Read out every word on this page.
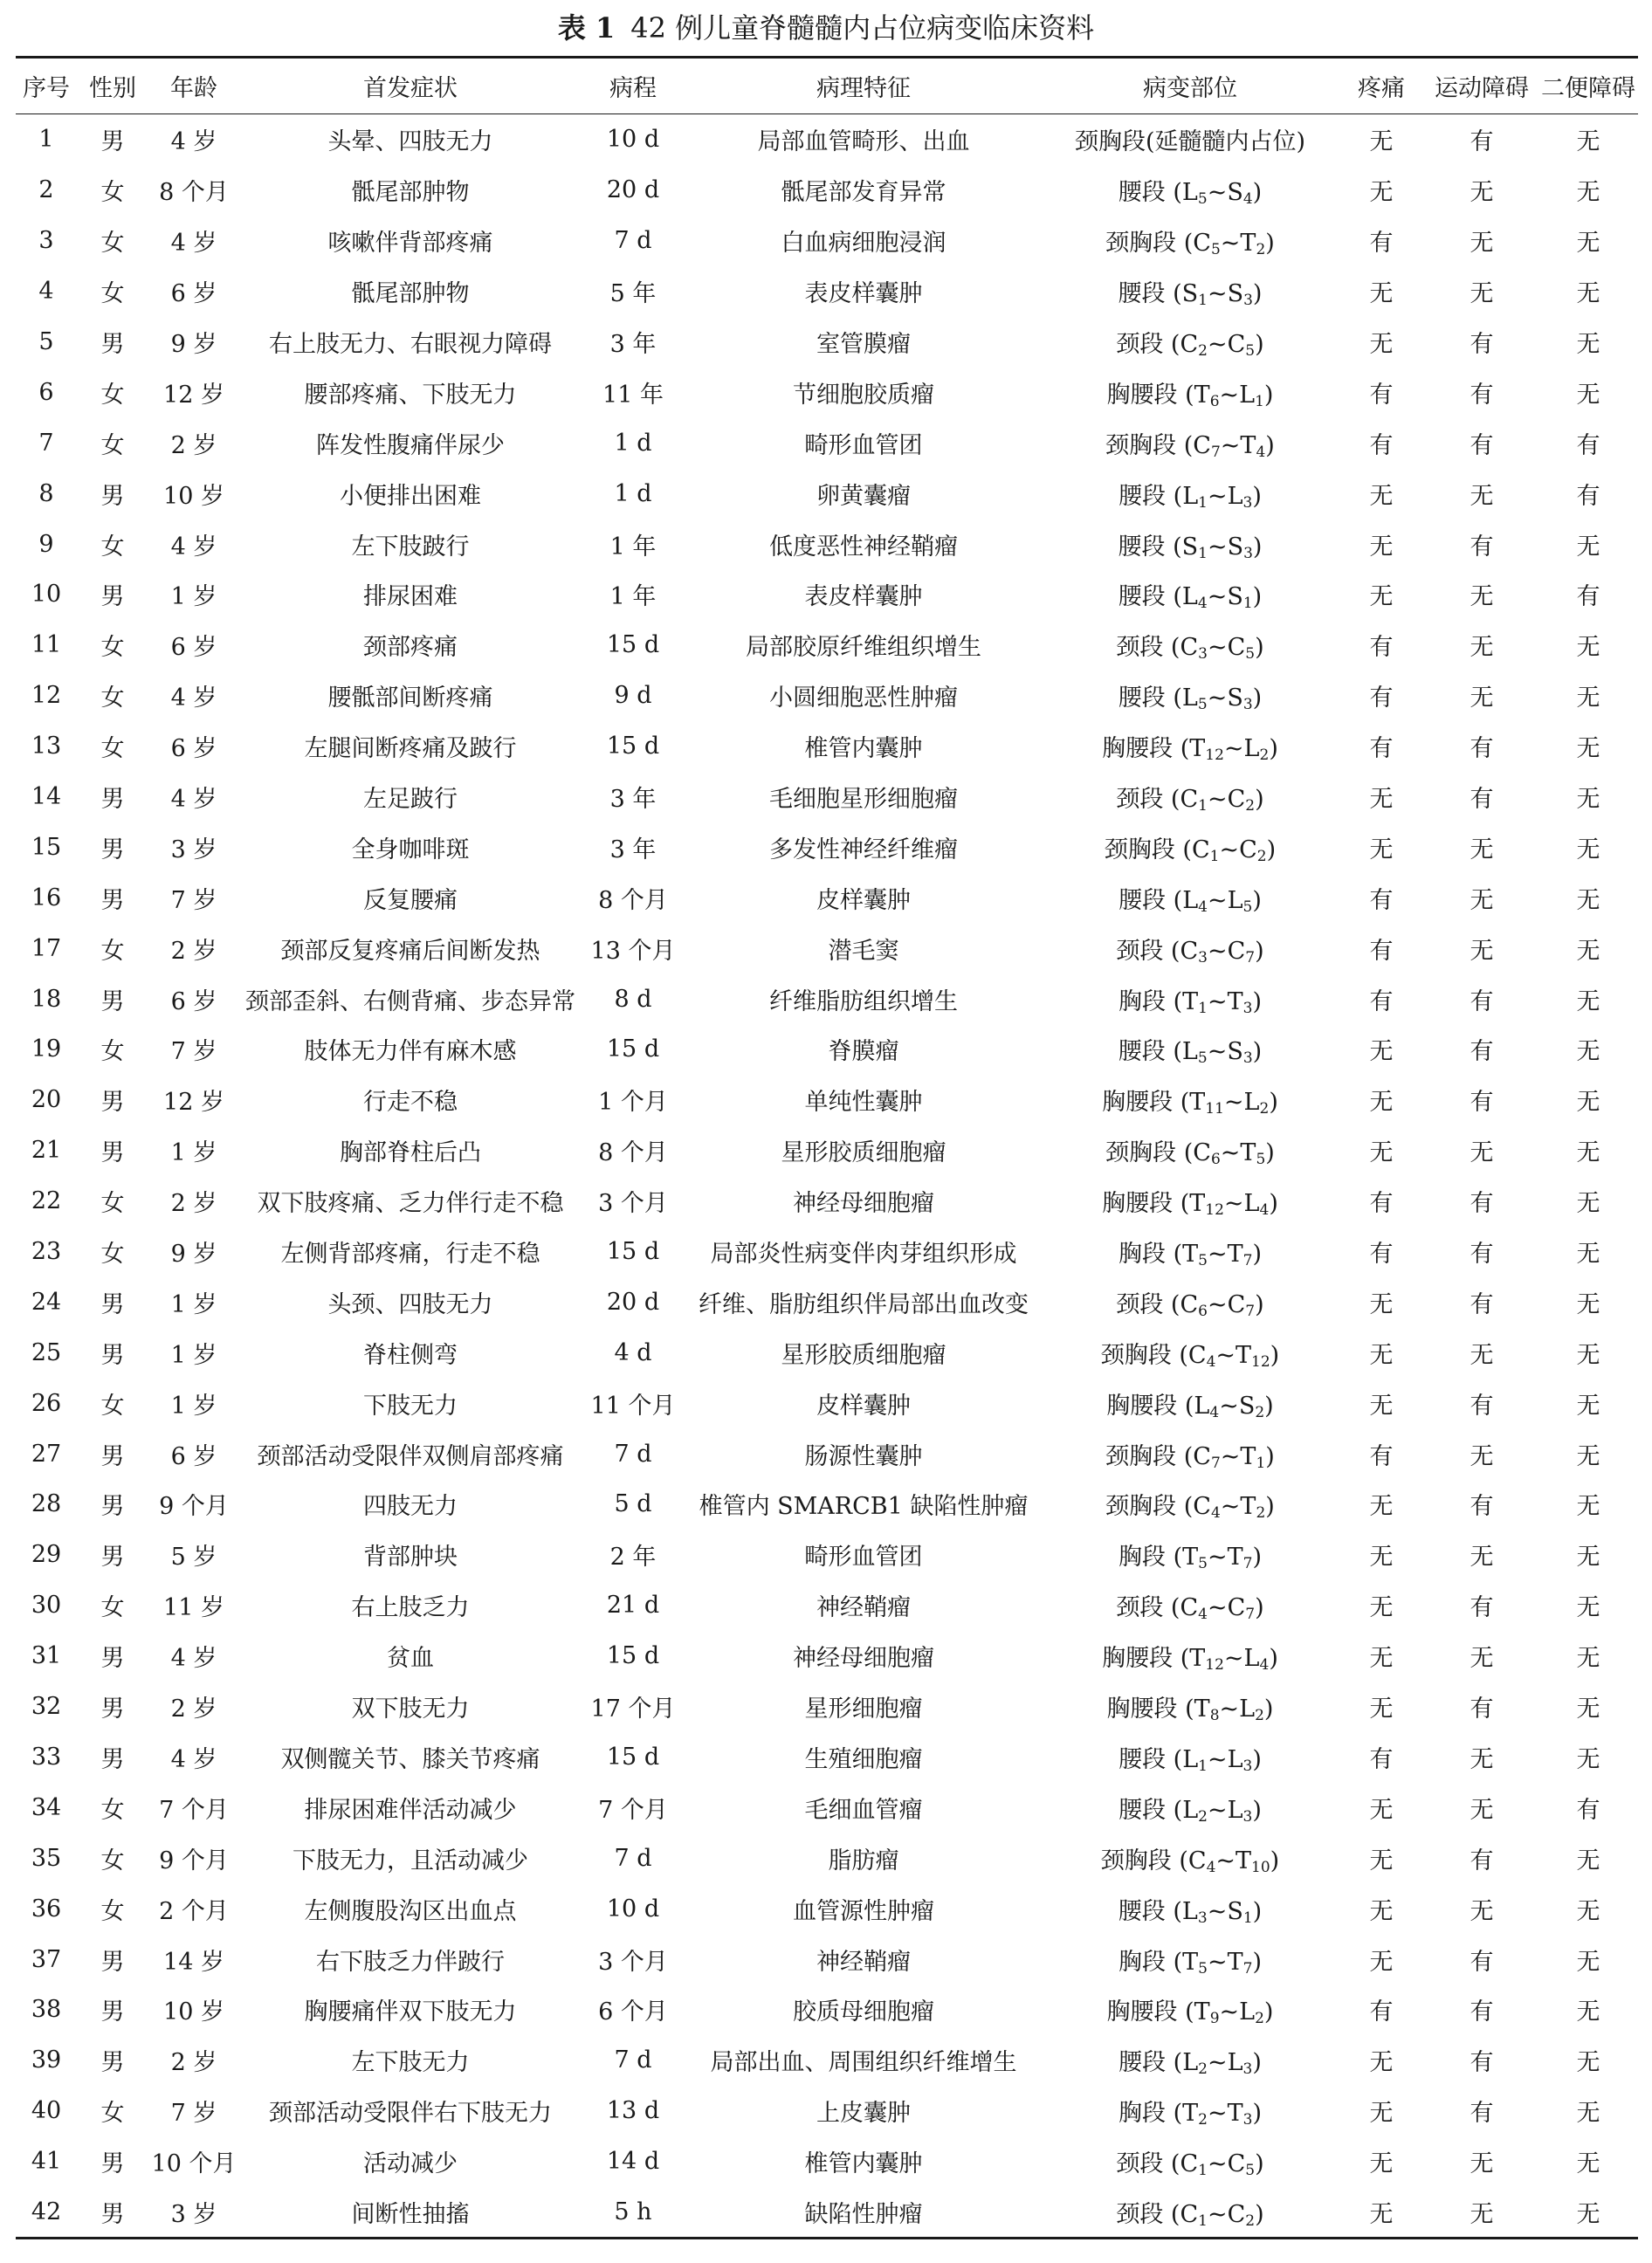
表 1 42 例儿童脊髓髓内占位病变临床资料
序号	性别	年龄	首发症状	病程	病理特征	病变部位	疼痛	运动障碍	二便障碍
1	男	4 岁	头晕、四肢无力	10 d	局部血管畸形、出血	颈胸段(延髓髓内占位)	无	有	无
2	女	8 个月	骶尾部肿物	20 d	骶尾部发育异常	腰段 $(L_5\sim S_4)$	无	无	无
3	女	4 岁	咳嗽伴背部疼痛	7 d	白血病细胞浸润	颈胸段 $(C_5\sim T_2)$	有	无	无
4	女	6 岁	骶尾部肿物	5 年	表皮样囊肿	腰段 $(S_1\sim S_3)$	无	无	无
5	男	9 岁	右上肢无力、右眼视力障碍	3 年	室管膜瘤	颈段 $(C_2\sim C_5)$	无	有	无
6	女	12 岁	腰部疼痛、下肢无力	11 年	节细胞胶质瘤	胸腰段 $(T_6\sim L_1)$	有	有	无
7	女	2 岁	阵发性腹痛伴尿少	1 d	畸形血管团	颈胸段 $(C_7\sim T_4)$	有	有	有
8	男	10 岁	小便排出困难	1 d	卵黄囊瘤	腰段 $(L_1\sim L_3)$	无	无	有
9	女	4 岁	左下肢跛行	1 年	低度恶性神经鞘瘤	腰段 $(S_1\sim S_3)$	无	有	无
10	男	1 岁	排尿困难	1 年	表皮样囊肿	腰段 $(L_4\sim S_1)$	无	无	有
11	女	6 岁	颈部疼痛	15 d	局部胶原纤维组织增生	颈段 $(C_3\sim C_5)$	有	无	无
12	女	4 岁	腰骶部间断疼痛	9 d	小圆细胞恶性肿瘤	腰段 $(L_5\sim S_3)$	有	无	无
13	女	6 岁	左腿间断疼痛及跛行	15 d	椎管内囊肿	胸腰段 $(T_{12}\sim L_2)$	有	有	无
14	男	4 岁	左足跛行	3 年	毛细胞星形细胞瘤	颈段 $(C_1\sim C_2)$	无	有	无
15	男	3 岁	全身咖啡斑	3 年	多发性神经纤维瘤	颈胸段 $(C_1\sim C_2)$	无	无	无
16	男	7 岁	反复腰痛	8 个月	皮样囊肿	腰段 $(L_4\sim L_5)$	有	无	无
17	女	2 岁	颈部反复疼痛后间断发热	13 个月	潜毛窦	颈段 $(C_3\sim C_7)$	有	无	无
18	男	6 岁	颈部歪斜、右侧背痛、步态异常	8 d	纤维脂肪组织增生	胸段 $(T_1\sim T_3)$	有	有	无
19	女	7 岁	肢体无力伴有麻木感	15 d	脊膜瘤	腰段 $(L_5\sim S_3)$	无	有	无
20	男	12 岁	行走不稳	1 个月	单纯性囊肿	胸腰段 $(T_{11}\sim L_2)$	无	有	无
21	男	1 岁	胸部脊柱后凸	8 个月	星形胶质细胞瘤	颈胸段 $(C_6\sim T_5)$	无	无	无
22	女	2 岁	双下肢疼痛、乏力伴行走不稳	3 个月	神经母细胞瘤	胸腰段 $(T_{12}\sim L_4)$	有	有	无
23	女	9 岁	左侧背部疼痛，行走不稳	15 d	局部炎性病变伴肉芽组织形成	胸段 $(T_5\sim T_7)$	有	有	无
24	男	1 岁	头颈、四肢无力	20 d	纤维、脂肪组织伴局部出血改变	颈段 $(C_6\sim C_7)$	无	有	无
25	男	1 岁	脊柱侧弯	4 d	星形胶质细胞瘤	颈胸段 $(C_4\sim T_{12})$	无	无	无
26	女	1 岁	下肢无力	11 个月	皮样囊肿	胸腰段 $(L_4\sim S_2)$	无	有	无
27	男	6 岁	颈部活动受限伴双侧肩部疼痛	7 d	肠源性囊肿	颈胸段 $(C_7\sim T_1)$	有	无	无
28	男	9 个月	四肢无力	5 d	椎管内 SMARCB1 缺陷性肿瘤	颈胸段 $(C_4\sim T_2)$	无	有	无
29	男	5 岁	背部肿块	2 年	畸形血管团	胸段 $(T_5\sim T_7)$	无	无	无
30	女	11 岁	右上肢乏力	21 d	神经鞘瘤	颈段 $(C_4\sim C_7)$	无	有	无
31	男	4 岁	贫血	15 d	神经母细胞瘤	胸腰段 $(T_{12}\sim L_4)$	无	无	无
32	男	2 岁	双下肢无力	17 个月	星形细胞瘤	胸腰段 $(T_8\sim L_2)$	无	有	无
33	男	4 岁	双侧髋关节、膝关节疼痛	15 d	生殖细胞瘤	腰段 $(L_1\sim L_3)$	有	无	无
34	女	7 个月	排尿困难伴活动减少	7 个月	毛细血管瘤	腰段 $(L_2\sim L_3)$	无	无	有
35	女	9 个月	下肢无力，且活动减少	7 d	脂肪瘤	颈胸段 $(C_4\sim T_{10})$	无	有	无
36	女	2 个月	左侧腹股沟区出血点	10 d	血管源性肿瘤	腰段 $(L_3\sim S_1)$	无	无	无
37	男	14 岁	右下肢乏力伴跛行	3 个月	神经鞘瘤	胸段 $(T_5\sim T_7)$	无	有	无
38	男	10 岁	胸腰痛伴双下肢无力	6 个月	胶质母细胞瘤	胸腰段 $(T_9\sim L_2)$	有	有	无
39	男	2 岁	左下肢无力	7 d	局部出血、周围组织纤维增生	腰段 $(L_2\sim L_3)$	无	有	无
40	女	7 岁	颈部活动受限伴右下肢无力	13 d	上皮囊肿	胸段 $(T_2\sim T_3)$	无	有	无
41	男	10 个月	活动减少	14 d	椎管内囊肿	颈段 $(C_1\sim C_5)$	无	无	无
42	男	3 岁	间断性抽搐	5 h	缺陷性肿瘤	颈段 $(C_1\sim C_2)$	无	无	无
